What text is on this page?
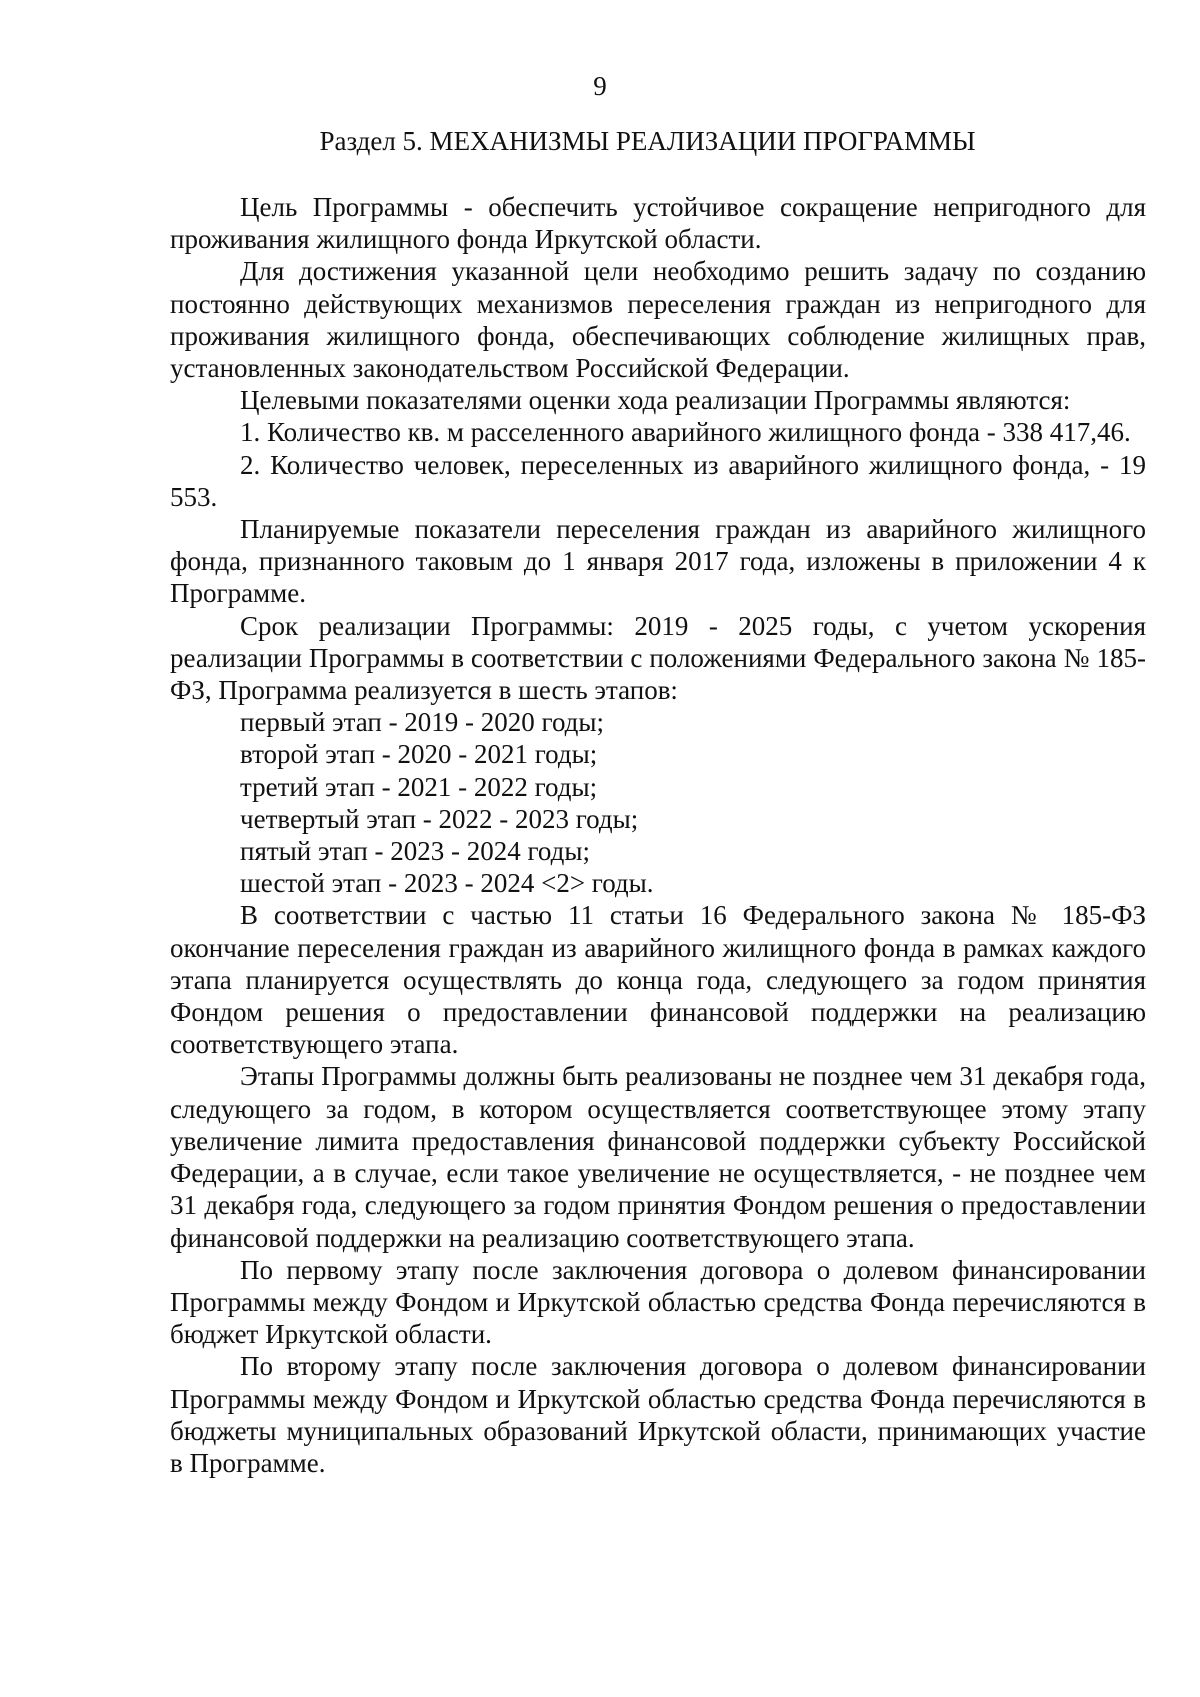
9
Раздел 5. МЕХАНИЗМЫ РЕАЛИЗАЦИИ ПРОГРАММЫ

Цель Программы - обеспечить устойчивое сокращение непригодного для проживания жилищного фонда Иркутской области.

Для достижения указанной цели необходимо решить задачу по созданию постоянно действующих механизмов переселения граждан из непригодного для проживания жилищного фонда, обеспечивающих соблюдение жилищных прав, установленных законодательством Российской Федерации.

Целевыми показателями оценки хода реализации Программы являются:

1. Количество кв. м расселенного аварийного жилищного фонда - 338 417,46.

2. Количество человек, переселенных из аварийного жилищного фонда, - 19 553.

Планируемые показатели переселения граждан из аварийного жилищного фонда, признанного таковым до 1 января 2017 года, изложены в приложении 4 к Программе.

Срок реализации Программы: 2019 - 2025 годы, с учетом ускорения реализации Программы в соответствии с положениями Федерального закона № 185-ФЗ, Программа реализуется в шесть этапов:

первый этап - 2019 - 2020 годы;

второй этап - 2020 - 2021 годы;

третий этап - 2021 - 2022 годы;

четвертый этап - 2022 - 2023 годы;

пятый этап - 2023 - 2024 годы;

шестой этап - 2023 - 2024 <2> годы.

В соответствии с частью 11 статьи 16 Федерального закона № 185-ФЗ окончание переселения граждан из аварийного жилищного фонда в рамках каждого этапа планируется осуществлять до конца года, следующего за годом принятия Фондом решения о предоставлении финансовой поддержки на реализацию соответствующего этапа.

Этапы Программы должны быть реализованы не позднее чем 31 декабря года, следующего за годом, в котором осуществляется соответствующее этому этапу увеличение лимита предоставления финансовой поддержки субъекту Российской Федерации, а в случае, если такое увеличение не осуществляется, - не позднее чем 31 декабря года, следующего за годом принятия Фондом решения о предоставлении финансовой поддержки на реализацию соответствующего этапа.

По первому этапу после заключения договора о долевом финансировании Программы между Фондом и Иркутской областью средства Фонда перечисляются в бюджет Иркутской области.

По второму этапу после заключения договора о долевом финансировании Программы между Фондом и Иркутской областью средства Фонда перечисляются в бюджеты муниципальных образований Иркутской области, принимающих участие в Программе.
